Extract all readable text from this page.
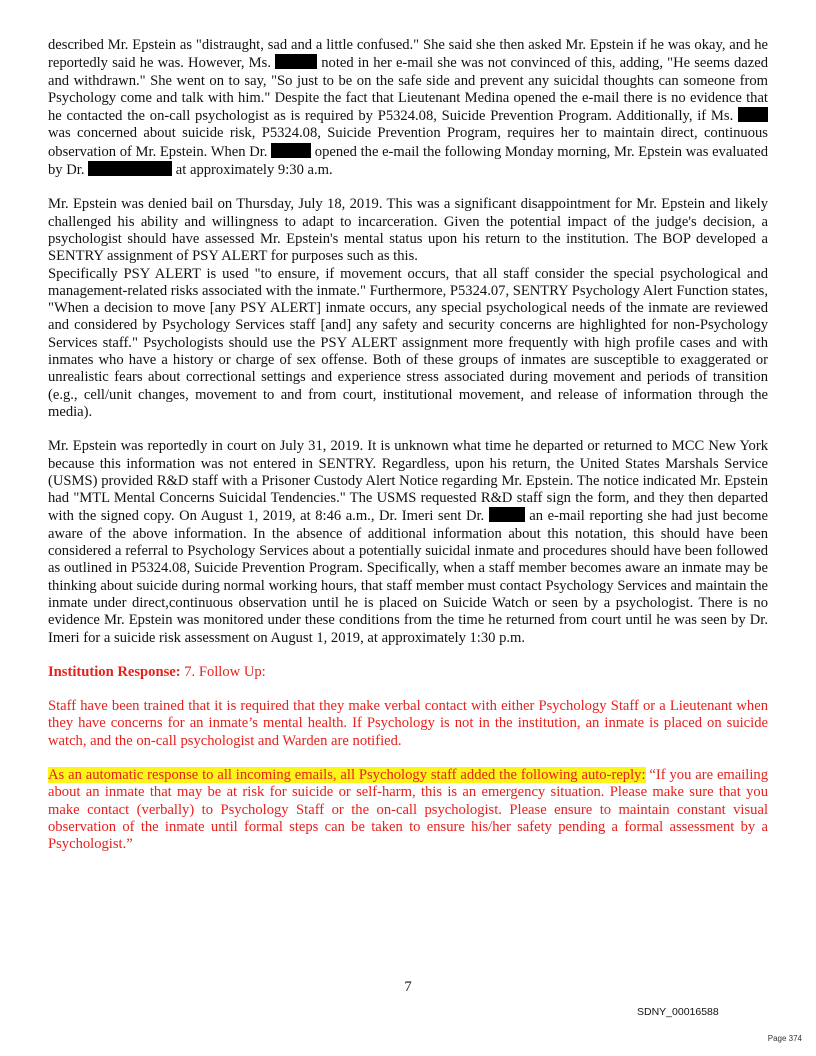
described Mr. Epstein as "distraught, sad and a little confused." She said she then asked Mr. Epstein if he was okay, and he reportedly said he was. However, Ms.	noted in her e-mail she was not convinced of this, adding, "He seems dazed and withdrawn." She went on to say, "So just to be on the safe side and prevent any suicidal thoughts can someone from Psychology come and talk with him." Despite the fact that Lieutenant Medina opened the e-mail there is no evidence that he contacted the on-call psychologist as is required by P5324.08, Suicide Prevention Program. Additionally, if Ms.  was concerned about suicide risk, P5324.08, Suicide Prevention Program, requires her to maintain direct, continuous observation of Mr. Epstein. When Dr.	opened the e-mail the following Monday morning, Mr. Epstein was evaluated by Dr.	at approximately 9:30 a.m.

Mr. Epstein was denied bail on Thursday, July 18, 2019. This was a significant disappointment for Mr. Epstein and likely challenged his ability and willingness to adapt to incarceration. Given the potential impact of the judge's decision, a psychologist should have assessed Mr. Epstein's mental status upon his return to the institution. The BOP developed a SENTRY assignment of PSY ALERT for purposes such as this.

Specifically PSY ALERT is used "to ensure, if movement occurs, that all staff consider the special psychological and management-related risks associated with the inmate." Furthermore, P5324.07, SENTRY Psychology Alert Function states, "When a decision to move [any PSY ALERT] inmate occurs, any special psychological needs of the inmate are reviewed and considered by Psychology Services staff [and] any safety and security concerns are highlighted for non-Psychology Services staff." Psychologists should use the PSY ALERT assignment more frequently with high profile cases and with inmates who have a history or charge of sex offense. Both of these groups of inmates are susceptible to exaggerated or unrealistic fears about correctional settings and experience stress associated during movement and periods of transition (e.g., cell/unit changes, movement to and from court, institutional movement, and release of information through the media).

Mr. Epstein was reportedly in court on July 31, 2019. It is unknown what time he departed or returned to MCC New York because this information was not entered in SENTRY. Regardless, upon his return, the United States Marshals Service (USMS) provided R&D staff with a Prisoner Custody Alert Notice regarding Mr. Epstein. The notice indicated Mr. Epstein had "MTL Mental Concerns Suicidal Tendencies." The USMS requested R&D staff sign the form, and they then departed with the signed copy. On August 1, 2019, at 8:46 a.m., Dr. Imeri sent Dr.	an e-mail reporting she had just become aware of the above information. In the absence of additional information about this notation, this should have been considered a referral to Psychology Services about a potentially suicidal inmate and procedures should have been followed as outlined in P5324.08, Suicide Prevention Program. Specifically, when a staff member becomes aware an inmate may be thinking about suicide during normal working hours, that staff member must contact Psychology Services and maintain the inmate under direct,continuous observation until he is placed on Suicide Watch or seen by a psychologist. There is no evidence Mr. Epstein was monitored under these conditions from the time he returned from court until he was seen by Dr. Imeri for a suicide risk assessment on August 1, 2019, at approximately 1:30 p.m.

Institution Response: 7. Follow Up:

Staff have been trained that it is required that they make verbal contact with either Psychology Staff or a Lieutenant when they have concerns for an inmate’s mental health. If Psychology is not in the institution, an inmate is placed on suicide watch, and the on-call psychologist and Warden are notified.

As an automatic response to all incoming emails, all Psychology staff added the following auto-reply: “If you are emailing about an inmate that may be at risk for suicide or self-harm, this is an emergency situation. Please make sure that you make contact (verbally) to Psychology Staff or the on-call psychologist. Please ensure to maintain constant visual observation of the inmate until formal steps can be taken to ensure his/her safety pending a formal assessment by a Psychologist.”

7
SDNY_00016588
Page 374
